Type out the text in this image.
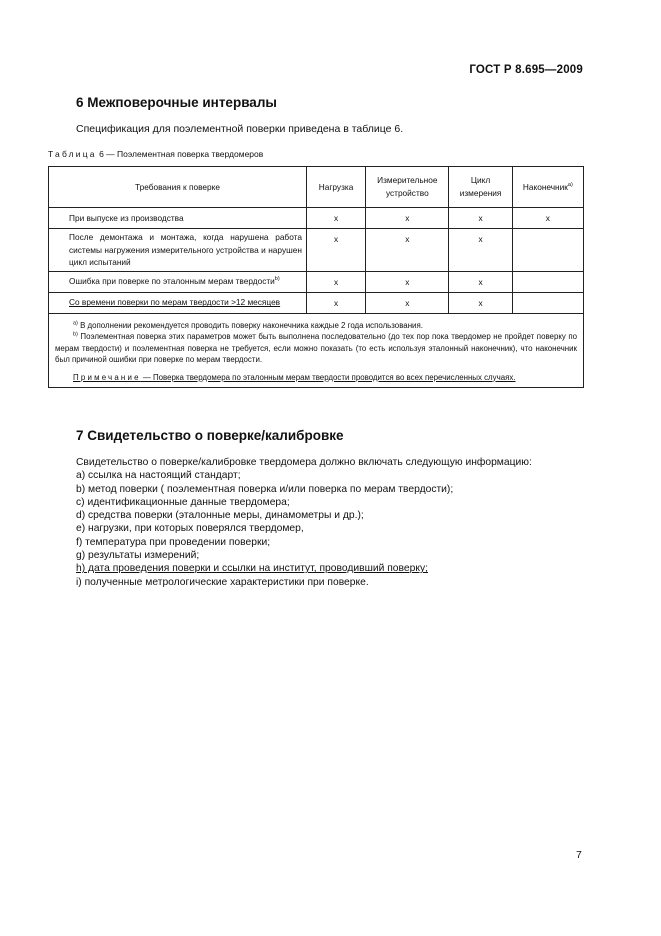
ГОСТ Р 8.695—2009
6 Межповерочные интервалы
Спецификация для поэлементной поверки приведена в таблице 6.
Таблица 6 — Поэлементная поверка твердомеров
Требования к поверке	Нагрузка	Измерительное устройство	Цикл измерения	Наконечник$^{a)}$
При выпуске из производства	x	x	x	x
После демонтажа и монтажа, когда нарушена работа системы нагружения измерительного устройства и нарушен цикл испытаний	x	x	x	
Ошибка при поверке по эталонным мерам твердости$^{b)}$	x	x	x	
Со времени поверки по мерам твердости >12 месяцев	x	x	x	

$^{a)}$ В дополнении рекомендуется проводить поверку наконечника каждые 2 года использования.
$^{b)}$ Поэлементная поверка этих параметров может быть выполнена последовательно (до тех пор пока твердомер не пройдет поверку по мерам твердости) и поэлементная поверка не требуется, если можно показать (то есть используя эталонный наконечник), что наконечник был причиной ошибки при поверке по мерам твердости.
Примечание — Поверка твердомера по эталонным мерам твердости проводится во всех перечисленных случаях.				
7 Свидетельство о поверке/калибровке
Свидетельство о поверке/калибровке твердомера должно включать следующую информацию:
a) ссылка на настоящий стандарт;
b) метод поверки ( поэлементная поверка и/или поверка по мерам твердости);
c) идентификационные данные твердомера;
d) средства поверки (эталонные меры, динамометры и др.);
e) нагрузки, при которых поверялся твердомер,
f) температура при проведении поверки;
g) результаты измерений;
h) дата проведения поверки и ссылки на институт, проводивший поверку;
i) полученные метрологические характеристики при поверке.
7
